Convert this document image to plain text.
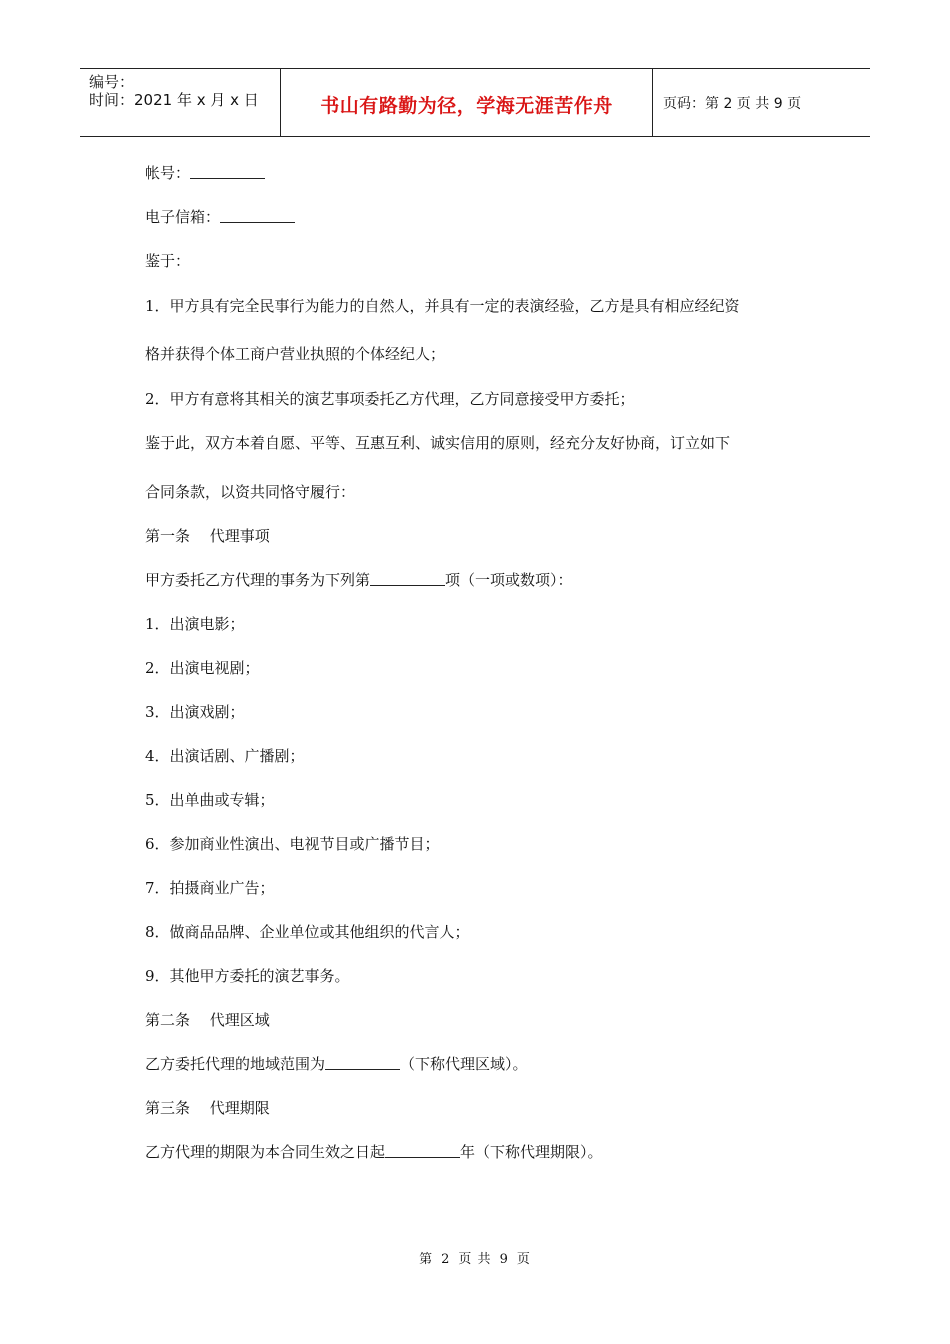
编号：
时间：2021 年 x 月 x 日	书山有路勤为径，学海无涯苦作舟	页码：第 2 页 共 9 页
帐号：
电子信箱：
鉴于：
1．甲方具有完全民事行为能力的自然人，并具有一定的表演经验，乙方是具有相应经纪资
格并获得个体工商户营业执照的个体经纪人；
2．甲方有意将其相关的演艺事项委托乙方代理，乙方同意接受甲方委托；
鉴于此，双方本着自愿、平等、互惠互利、诚实信用的原则，经充分友好协商，订立如下
合同条款，以资共同恪守履行：
第一条　 代理事项
甲方委托乙方代理的事务为下列第	项（一项或数项）：
1．出演电影；
2．出演电视剧；
3．出演戏剧；
4．出演话剧、广播剧；
5．出单曲或专辑；
6．参加商业性演出、电视节目或广播节目；
7．拍摄商业广告；
8．做商品品牌、企业单位或其他组织的代言人；
9．其他甲方委托的演艺事务。
第二条　 代理区域
乙方委托代理的地域范围为	（下称代理区域）。
第三条　 代理期限
乙方代理的期限为本合同生效之日起	年（下称代理期限）。
第 2 页 共 9 页
